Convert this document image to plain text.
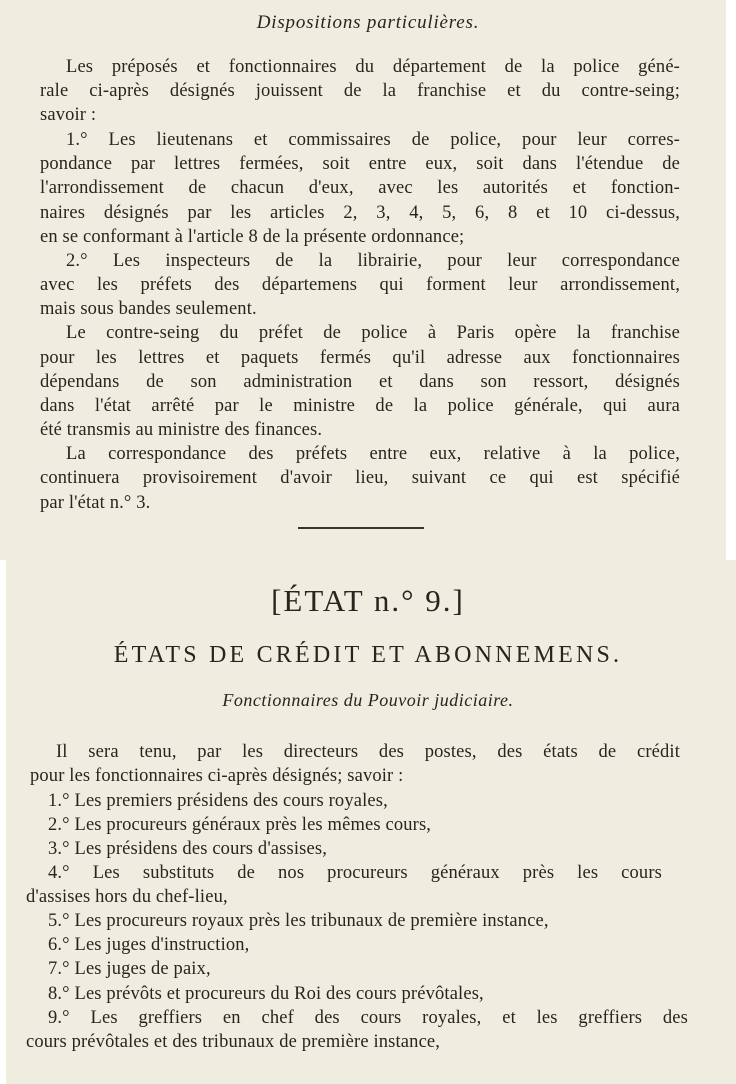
Dispositions particulières.
Les préposés et fonctionnaires du département de la police géné-
rale ci-après désignés jouissent de la franchise et du contre-seing;
savoir :
1.° Les lieutenans et commissaires de police, pour leur corres-
pondance par lettres fermées, soit entre eux, soit dans l'étendue de
l'arrondissement de chacun d'eux, avec les autorités et fonction-
naires désignés par les articles 2, 3, 4, 5, 6, 8 et 10 ci-dessus,
en se conformant à l'article 8 de la présente ordonnance;
2.° Les inspecteurs de la librairie, pour leur correspondance
avec les préfets des départemens qui forment leur arrondissement,
mais sous bandes seulement.
Le contre-seing du préfet de police à Paris opère la franchise
pour les lettres et paquets fermés qu'il adresse aux fonctionnaires
dépendans de son administration et dans son ressort, désignés
dans l'état arrêté par le ministre de la police générale, qui aura
été transmis au ministre des finances.
La correspondance des préfets entre eux, relative à la police,
continuera provisoirement d'avoir lieu, suivant ce qui est spécifié
par l'état n.° 3.
[ÉTAT n.° 9.]
ÉTATS DE CRÉDIT ET ABONNEMENS.
Fonctionnaires du Pouvoir judiciaire.
Il sera tenu, par les directeurs des postes, des états de crédit
pour les fonctionnaires ci-après désignés; savoir :
1.° Les premiers présidens des cours royales,
2.° Les procureurs généraux près les mêmes cours,
3.° Les présidens des cours d'assises,
4.° Les substituts de nos procureurs généraux près les cours
d'assises hors du chef-lieu,
5.° Les procureurs royaux près les tribunaux de première instance,
6.° Les juges d'instruction,
7.° Les juges de paix,
8.° Les prévôts et procureurs du Roi des cours prévôtales,
9.° Les greffiers en chef des cours royales, et les greffiers des
cours prévôtales et des tribunaux de première instance,
